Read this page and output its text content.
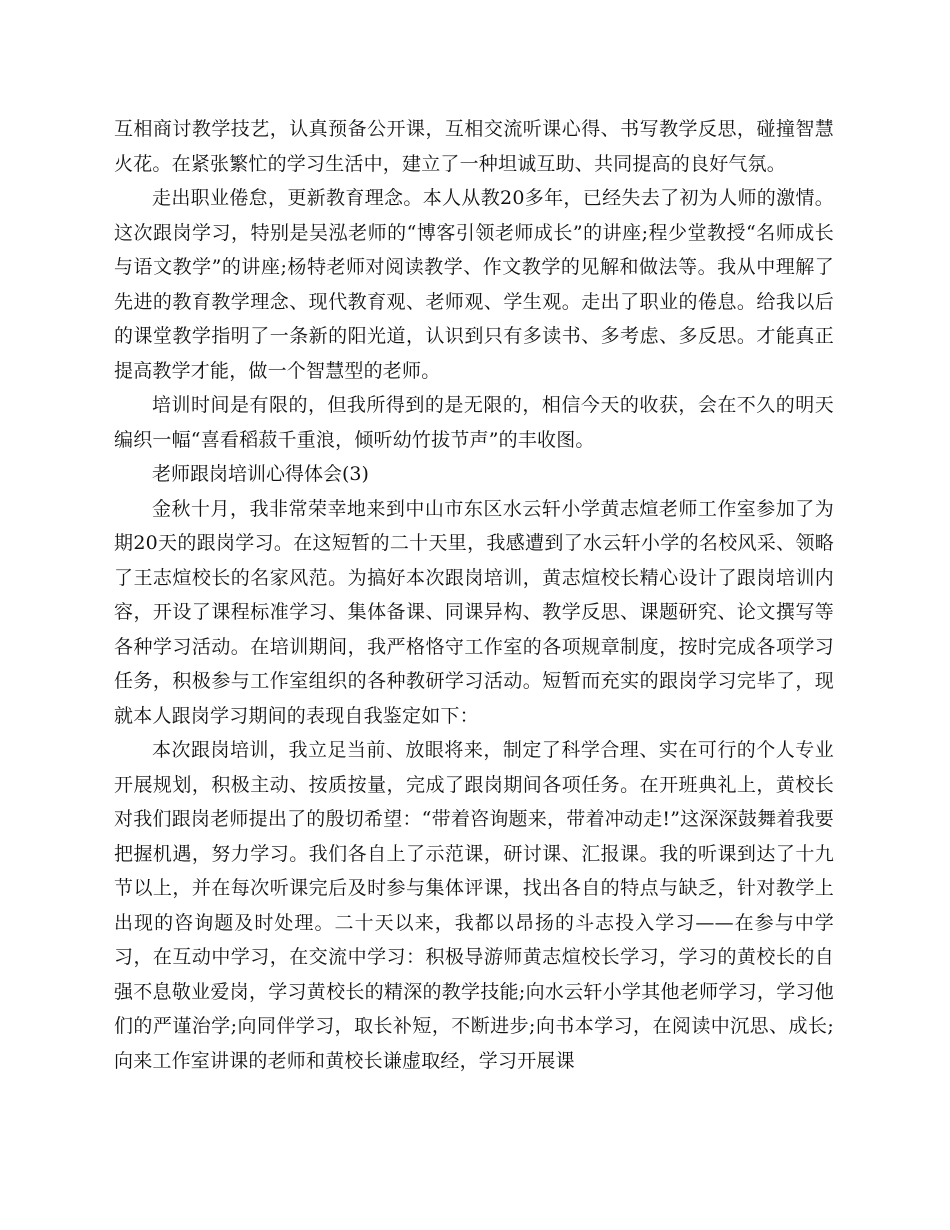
互相商讨教学技艺，认真预备公开课，互相交流听课心得、书写教学反思，碰撞智慧火花。在紧张繁忙的学习生活中，建立了一种坦诚互助、共同提高的良好气氛。

走出职业倦怠，更新教育理念。本人从教20多年，已经失去了初为人师的激情。这次跟岗学习，特别是吴泓老师的“博客引领老师成长”的讲座;程少堂教授“名师成长与语文教学”的讲座;杨特老师对阅读教学、作文教学的见解和做法等。我从中理解了先进的教育教学理念、现代教育观、老师观、学生观。走出了职业的倦息。给我以后的课堂教学指明了一条新的阳光道，认识到只有多读书、多考虑、多反思。才能真正提高教学才能，做一个智慧型的老师。

培训时间是有限的，但我所得到的是无限的，相信今天的收获，会在不久的明天编织一幅“喜看稻菽千重浪，倾听幼竹拔节声”的丰收图。

老师跟岗培训心得体会(3)

金秋十月，我非常荣幸地来到中山市东区水云轩小学黄志煊老师工作室参加了为期20天的跟岗学习。在这短暂的二十天里，我感遭到了水云轩小学的名校风采、领略了王志煊校长的名家风范。为搞好本次跟岗培训，黄志煊校长精心设计了跟岗培训内容，开设了课程标准学习、集体备课、同课异构、教学反思、课题研究、论文撰写等各种学习活动。在培训期间，我严格恪守工作室的各项规章制度，按时完成各项学习任务，积极参与工作室组织的各种教研学习活动。短暂而充实的跟岗学习完毕了，现就本人跟岗学习期间的表现自我鉴定如下：

本次跟岗培训，我立足当前、放眼将来，制定了科学合理、实在可行的个人专业开展规划，积极主动、按质按量，完成了跟岗期间各项任务。在开班典礼上，黄校长对我们跟岗老师提出了的殷切希望：“带着咨询题来，带着冲动走!”这深深鼓舞着我要把握机遇，努力学习。我们各自上了示范课，研讨课、汇报课。我的听课到达了十九节以上，并在每次听课完后及时参与集体评课，找出各自的特点与缺乏，针对教学上出现的咨询题及时处理。二十天以来，我都以昂扬的斗志投入学习——在参与中学习，在互动中学习，在交流中学习：积极导游师黄志煊校长学习，学习的黄校长的自强不息敬业爱岗，学习黄校长的精深的教学技能;向水云轩小学其他老师学习，学习他们的严谨治学;向同伴学习，取长补短，不断进步;向书本学习，在阅读中沉思、成长;向来工作室讲课的老师和黄校长谦虚取经，学习开展课
